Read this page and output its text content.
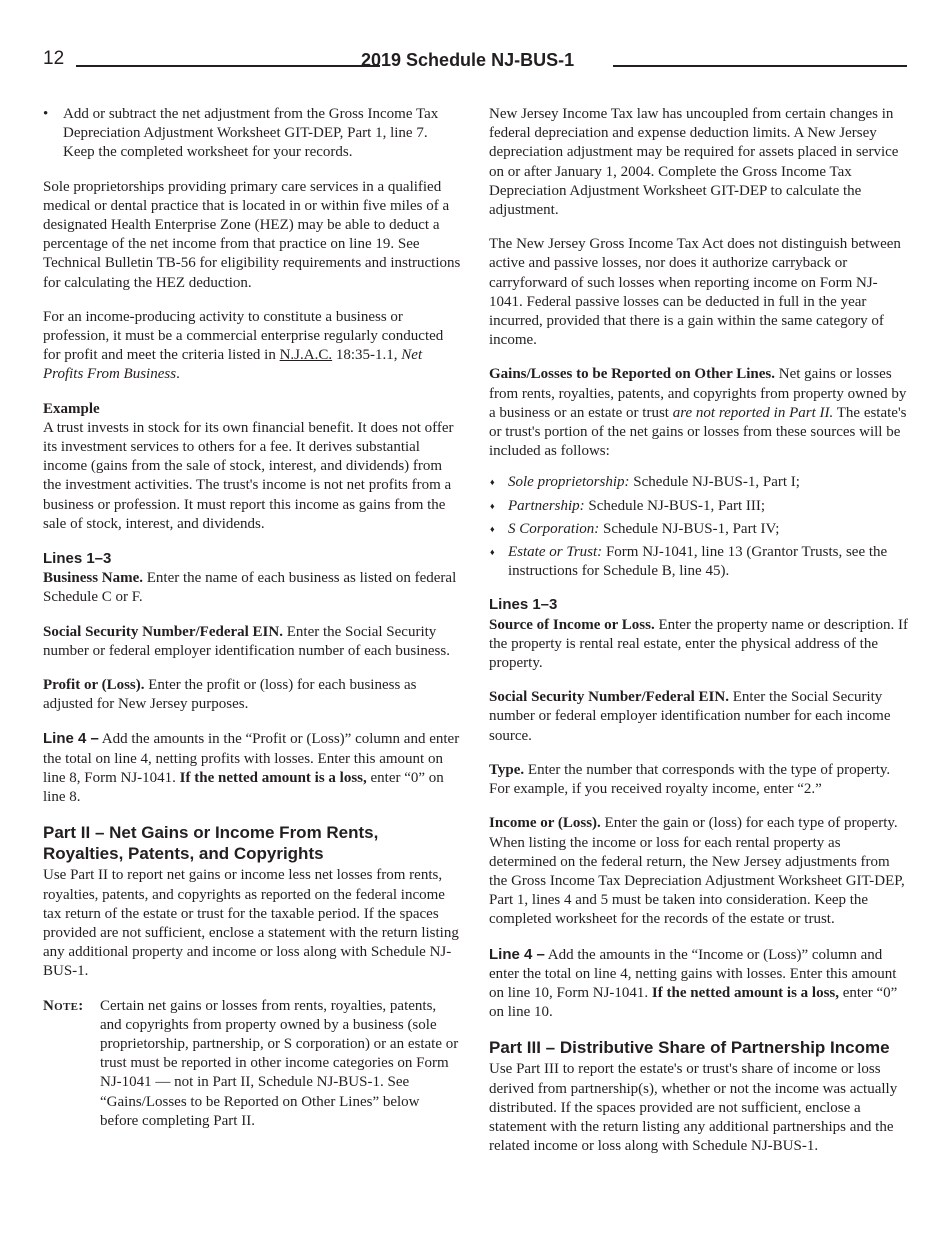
12	2019 Schedule NJ-BUS-1
• Add or subtract the net adjustment from the Gross Income Tax Depreciation Adjustment Worksheet GIT-DEP, Part 1, line 7. Keep the completed worksheet for your records.

Sole proprietorships providing primary care services in a qualified medical or dental practice that is located in or within five miles of a designated Health Enterprise Zone (HEZ) may be able to deduct a percentage of the net income from that practice on line 19. See Technical Bulletin TB-56 for eligibility requirements and instructions for calculating the HEZ deduction.

For an income-producing activity to constitute a business or profession, it must be a commercial enterprise regularly conducted for profit and meet the criteria listed in N.J.A.C. 18:35-1.1, Net Profits From Business.

Example

A trust invests in stock for its own financial benefit. It does not offer its investment services to others for a fee. It derives substantial income (gains from the sale of stock, interest, and dividends) from the investment activities. The trust's income is not net profits from a business or profession. It must report this income as gains from the sale of stock, interest, and dividends.

Lines 1–3

Business Name. Enter the name of each business as listed on federal Schedule C or F.

Social Security Number/Federal EIN. Enter the Social Security number or federal employer identification number of each business.

Profit or (Loss). Enter the profit or (loss) for each business as adjusted for New Jersey purposes.

Line 4 – Add the amounts in the “Profit or (Loss)” column and enter the total on line 4, netting profits with losses. Enter this amount on line 8, Form NJ-1041. If the netted amount is a loss, enter “0” on line 8.

Part II – Net Gains or Income From Rents, Royalties, Patents, and Copyrights

Use Part II to report net gains or income less net losses from rents, royalties, patents, and copyrights as reported on the federal income tax return of the estate or trust for the taxable period. If the spaces provided are not sufficient, enclose a statement with the return listing any additional property and income or loss along with Schedule NJ-BUS-1.

Note: Certain net gains or losses from rents, royalties, patents, and copyrights from property owned by a business (sole proprietorship, partnership, or S corporation) or an estate or trust must be reported in other income categories on Form NJ-1041 — not in Part II, Schedule NJ-BUS-1. See “Gains/Losses to be Reported on Other Lines” below before completing Part II.

New Jersey Income Tax law has uncoupled from certain changes in federal depreciation and expense deduction limits. A New Jersey depreciation adjustment may be required for assets placed in service on or after January 1, 2004. Complete the Gross Income Tax Depreciation Adjustment Worksheet GIT-DEP to calculate the adjustment.

The New Jersey Gross Income Tax Act does not distinguish between active and passive losses, nor does it authorize carryback or carryforward of such losses when reporting income on Form NJ-1041. Federal passive losses can be deducted in full in the year incurred, provided that there is a gain within the same category of income.

Gains/Losses to be Reported on Other Lines. Net gains or losses from rents, royalties, patents, and copyrights from property owned by a business or an estate or trust are not reported in Part II. The estate's or trust's portion of the net gains or losses from these sources will be included as follows:

♦ Sole proprietorship: Schedule NJ-BUS-1, Part I;
♦ Partnership: Schedule NJ-BUS-1, Part III;
♦ S Corporation: Schedule NJ-BUS-1, Part IV;
♦ Estate or Trust: Form NJ-1041, line 13 (Grantor Trusts, see the instructions for Schedule B, line 45).
Lines 1–3

Source of Income or Loss. Enter the property name or description. If the property is rental real estate, enter the physical address of the property.

Social Security Number/Federal EIN. Enter the Social Security number or federal employer identification number for each income source.

Type. Enter the number that corresponds with the type of property. For example, if you received royalty income, enter “2.”

Income or (Loss). Enter the gain or (loss) for each type of property. When listing the income or loss for each rental property as determined on the federal return, the New Jersey adjustments from the Gross Income Tax Depreciation Adjustment Worksheet GIT-DEP, Part 1, lines 4 and 5 must be taken into consideration. Keep the completed worksheet for the records of the estate or trust.

Line 4 – Add the amounts in the “Income or (Loss)” column and enter the total on line 4, netting gains with losses. Enter this amount on line 10, Form NJ-1041. If the netted amount is a loss, enter “0” on line 10.

Part III – Distributive Share of Partnership Income

Use Part III to report the estate's or trust's share of income or loss derived from partnership(s), whether or not the income was actually distributed. If the spaces provided are not sufficient, enclose a statement with the return listing any additional partnerships and the related income or loss along with Schedule NJ-BUS-1.
